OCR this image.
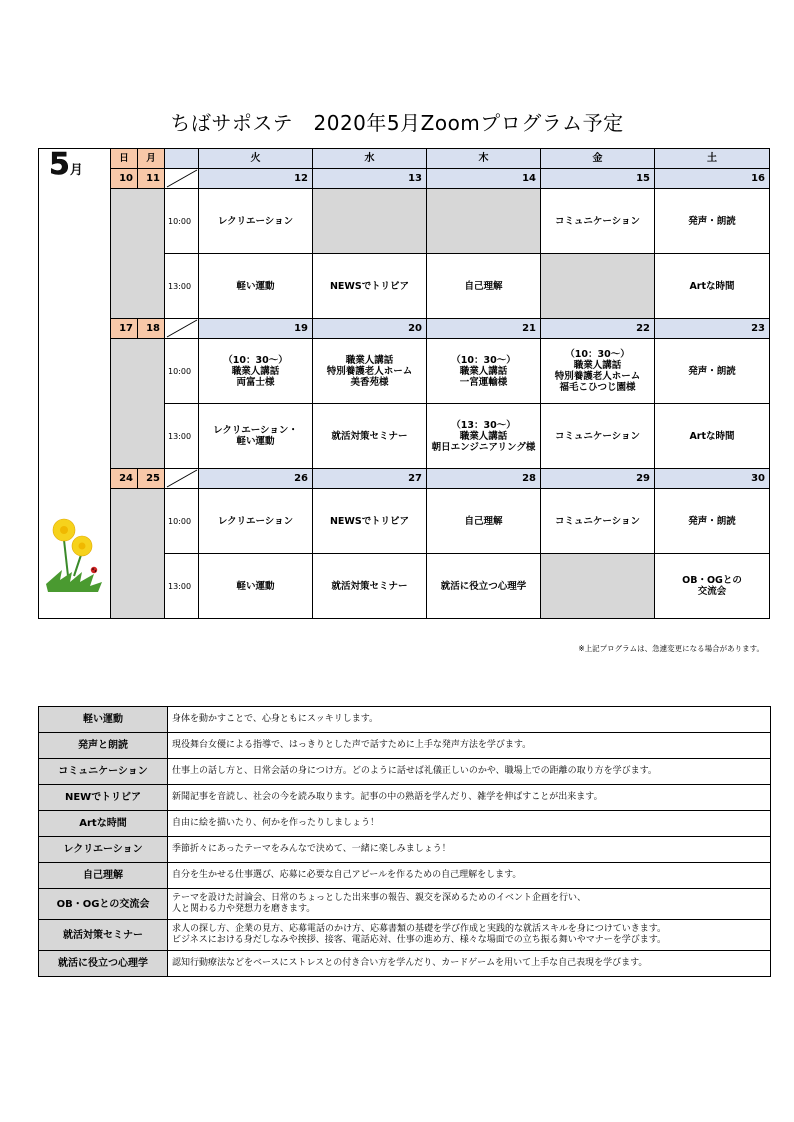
ちばサポステ　2020年5月Zoomプログラム予定
5月	日	月		火	水	木	金	土
	10	11		12	13	14	15	16
			10:00	レクリエーション			コミュニケーション	発声・朗読
			13:00	軽い運動	NEWSでトリビア	自己理解		Artな時間
	17	18		19	20	21	22	23
			10:00	（10：30～）
職業人講話
両富士様	職業人講話
特別養護老人ホーム
美香苑様	（10：30～）
職業人講話
一宮運輸様	（10：30～）
職業人講話
特別養護老人ホーム
福毛こひつじ園様	発声・朗読
			13:00	レクリエーション・
軽い運動	就活対策セミナー	（13：30～）
職業人講話
朝日エンジニアリング様	コミュニケーション	Artな時間
	24	25		26	27	28	29	30
			10:00	レクリエーション	NEWSでトリビア	自己理解	コミュニケーション	発声・朗読
			13:00	軽い運動	就活対策セミナー	就活に役立つ心理学		OB・OGとの
交流会
※上記プログラムは、急遽変更になる場合があります。
軽い運動	身体を動かすことで、心身ともにスッキリします。
発声と朗読	現役舞台女優による指導で、はっきりとした声で話すために上手な発声方法を学びます。
コミュニケーション	仕事上の話し方と、日常会話の身につけ方。どのように話せば礼儀正しいのかや、職場上での距離の取り方を学びます。
NEWでトリビア	新聞記事を音読し、社会の今を読み取ります。記事の中の熟語を学んだり、雑学を伸ばすことが出来ます。
Artな時間	自由に絵を描いたり、何かを作ったりしましょう！
レクリエーション	季節折々にあったテーマをみんなで決めて、一緒に楽しみましょう！
自己理解	自分を生かせる仕事選び、応募に必要な自己アピールを作るための自己理解をします。
OB・OGとの交流会	テーマを設けた討論会、日常のちょっとした出来事の報告、親交を深めるためのイベント企画を行い、
人と関わる力や発想力を磨きます。
就活対策セミナー	求人の探し方、企業の見方、応募電話のかけ方、応募書類の基礎を学び作成と実践的な就活スキルを身につけていきます。
ビジネスにおける身だしなみや挨拶、接客、電話応対、仕事の進め方、様々な場面での立ち振る舞いやマナーを学びます。
就活に役立つ心理学	認知行動療法などをベースにストレスとの付き合い方を学んだり、カードゲームを用いて上手な自己表現を学びます。
